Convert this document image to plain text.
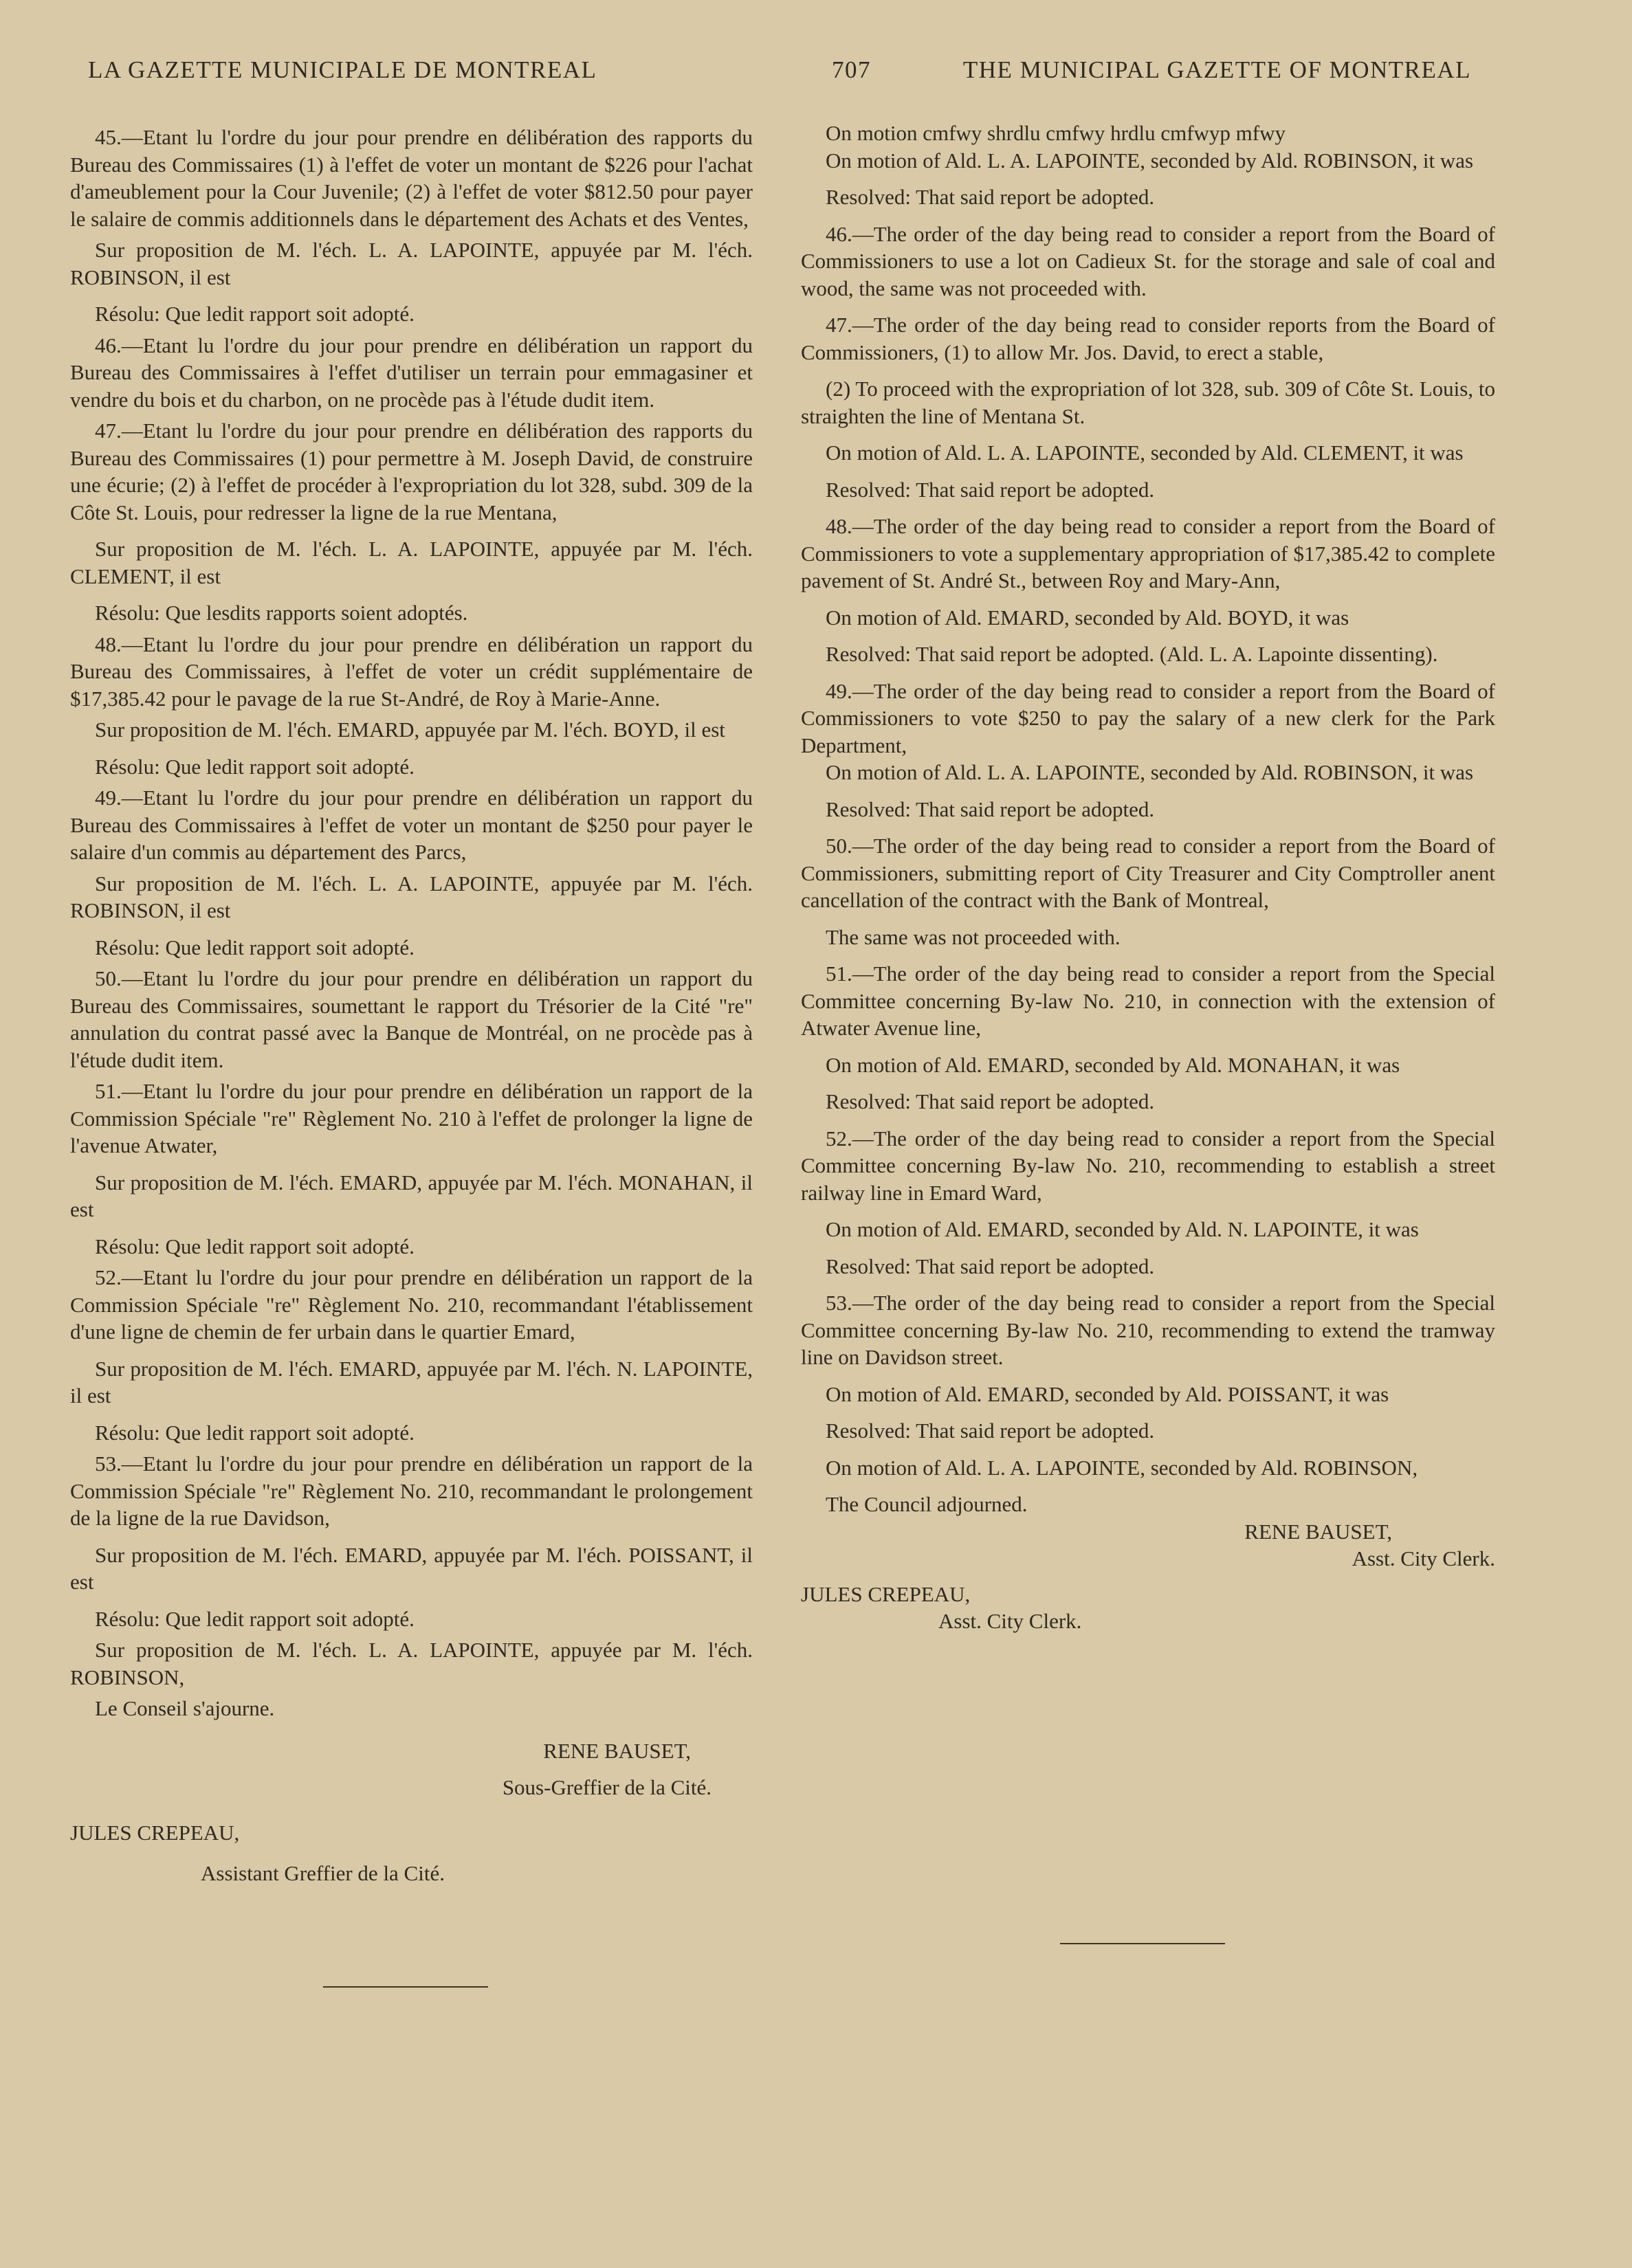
LA GAZETTE MUNICIPALE DE MONTREAL	707	THE MUNICIPAL GAZETTE OF MONTREAL

45.—Etant lu l'ordre du jour pour prendre en délibération des rapports du Bureau des Commissaires (1) à l'effet de voter un montant de $226 pour l'achat d'ameublement pour la Cour Juvenile; (2) à l'effet de voter $812.50 pour payer le salaire de commis additionnels dans le département des Achats et des Ventes,

Sur proposition de M. l'éch. L. A. LAPOINTE, appuyée par M. l'éch. ROBINSON, il est

Résolu: Que ledit rapport soit adopté.

46.—Etant lu l'ordre du jour pour prendre en délibération un rapport du Bureau des Commissaires à l'effet d'utiliser un terrain pour emmagasiner et vendre du bois et du charbon, on ne procède pas à l'étude dudit item.

47.—Etant lu l'ordre du jour pour prendre en délibération des rapports du Bureau des Commissaires (1) pour permettre à M. Joseph David, de construire une écurie; (2) à l'effet de procéder à l'expropriation du lot 328, subd. 309 de la Côte St. Louis, pour redresser la ligne de la rue Mentana,

Sur proposition de M. l'éch. L. A. LAPOINTE, appuyée par M. l'éch. CLEMENT, il est

Résolu: Que lesdits rapports soient adoptés.

48.—Etant lu l'ordre du jour pour prendre en délibération un rapport du Bureau des Commissaires, à l'effet de voter un crédit supplémentaire de $17,385.42 pour le pavage de la rue St-André, de Roy à Marie-Anne.

Sur proposition de M. l'éch. EMARD, appuyée par M. l'éch. BOYD, il est

Résolu: Que ledit rapport soit adopté.

49.—Etant lu l'ordre du jour pour prendre en délibération un rapport du Bureau des Commissaires à l'effet de voter un montant de $250 pour payer le salaire d'un commis au département des Parcs,

Sur proposition de M. l'éch. L. A. LAPOINTE, appuyée par M. l'éch. ROBINSON, il est

Résolu: Que ledit rapport soit adopté.

50.—Etant lu l'ordre du jour pour prendre en délibération un rapport du Bureau des Commissaires, soumettant le rapport du Trésorier de la Cité "re" annulation du contrat passé avec la Banque de Montréal, on ne procède pas à l'étude dudit item.

51.—Etant lu l'ordre du jour pour prendre en délibération un rapport de la Commission Spéciale "re" Règlement No. 210 à l'effet de prolonger la ligne de l'avenue Atwater,

Sur proposition de M. l'éch. EMARD, appuyée par M. l'éch. MONAHAN, il est

Résolu: Que ledit rapport soit adopté.

52.—Etant lu l'ordre du jour pour prendre en délibération un rapport de la Commission Spéciale "re" Règlement No. 210, recommandant l'établissement d'une ligne de chemin de fer urbain dans le quartier Emard,

Sur proposition de M. l'éch. EMARD, appuyée par M. l'éch. N. LAPOINTE, il est

Résolu: Que ledit rapport soit adopté.

53.—Etant lu l'ordre du jour pour prendre en délibération un rapport de la Commission Spéciale "re" Règlement No. 210, recommandant le prolongement de la ligne de la rue Davidson,

Sur proposition de M. l'éch. EMARD, appuyée par M. l'éch. POISSANT, il est

Résolu: Que ledit rapport soit adopté.

Sur proposition de M. l'éch. L. A. LAPOINTE, appuyée par M. l'éch. ROBINSON,

Le Conseil s'ajourne.

RENE BAUSET,

Sous-Greffier de la Cité.

JULES CREPEAU,

Assistant Greffier de la Cité.

On motion cmfwy shrdlu cmfwy hrdlu cmfwyp mfwy

On motion of Ald. L. A. LAPOINTE, seconded by Ald. ROBINSON, it was

Resolved: That said report be adopted.

46.—The order of the day being read to consider a report from the Board of Commissioners to use a lot on Cadieux St. for the storage and sale of coal and wood, the same was not proceeded with.

47.—The order of the day being read to consider reports from the Board of Commissioners, (1) to allow Mr. Jos. David, to erect a stable,

(2) To proceed with the expropriation of lot 328, sub. 309 of Côte St. Louis, to straighten the line of Mentana St.

On motion of Ald. L. A. LAPOINTE, seconded by Ald. CLEMENT, it was

Resolved: That said report be adopted.

48.—The order of the day being read to consider a report from the Board of Commissioners to vote a supplementary appropriation of $17,385.42 to complete pavement of St. André St., between Roy and Mary-Ann,

On motion of Ald. EMARD, seconded by Ald. BOYD, it was

Resolved: That said report be adopted. (Ald. L. A. Lapointe dissenting).

49.—The order of the day being read to consider a report from the Board of Commissioners to vote $250 to pay the salary of a new clerk for the Park Department,

On motion of Ald. L. A. LAPOINTE, seconded by Ald. ROBINSON, it was

Resolved: That said report be adopted.

50.—The order of the day being read to consider a report from the Board of Commissioners, submitting report of City Treasurer and City Comptroller anent cancellation of the contract with the Bank of Montreal,

The same was not proceeded with.

51.—The order of the day being read to consider a report from the Special Committee concerning By-law No. 210, in connection with the extension of Atwater Avenue line,

On motion of Ald. EMARD, seconded by Ald. MONAHAN, it was

Resolved: That said report be adopted.

52.—The order of the day being read to consider a report from the Special Committee concerning By-law No. 210, recommending to establish a street railway line in Emard Ward,

On motion of Ald. EMARD, seconded by Ald. N. LAPOINTE, it was

Resolved: That said report be adopted.

53.—The order of the day being read to consider a report from the Special Committee concerning By-law No. 210, recommending to extend the tramway line on Davidson street.

On motion of Ald. EMARD, seconded by Ald. POISSANT, it was

Resolved: That said report be adopted.

On motion of Ald. L. A. LAPOINTE, seconded by Ald. ROBINSON,

The Council adjourned.

RENE BAUSET,

Asst. City Clerk.

JULES CREPEAU,

Asst. City Clerk.
